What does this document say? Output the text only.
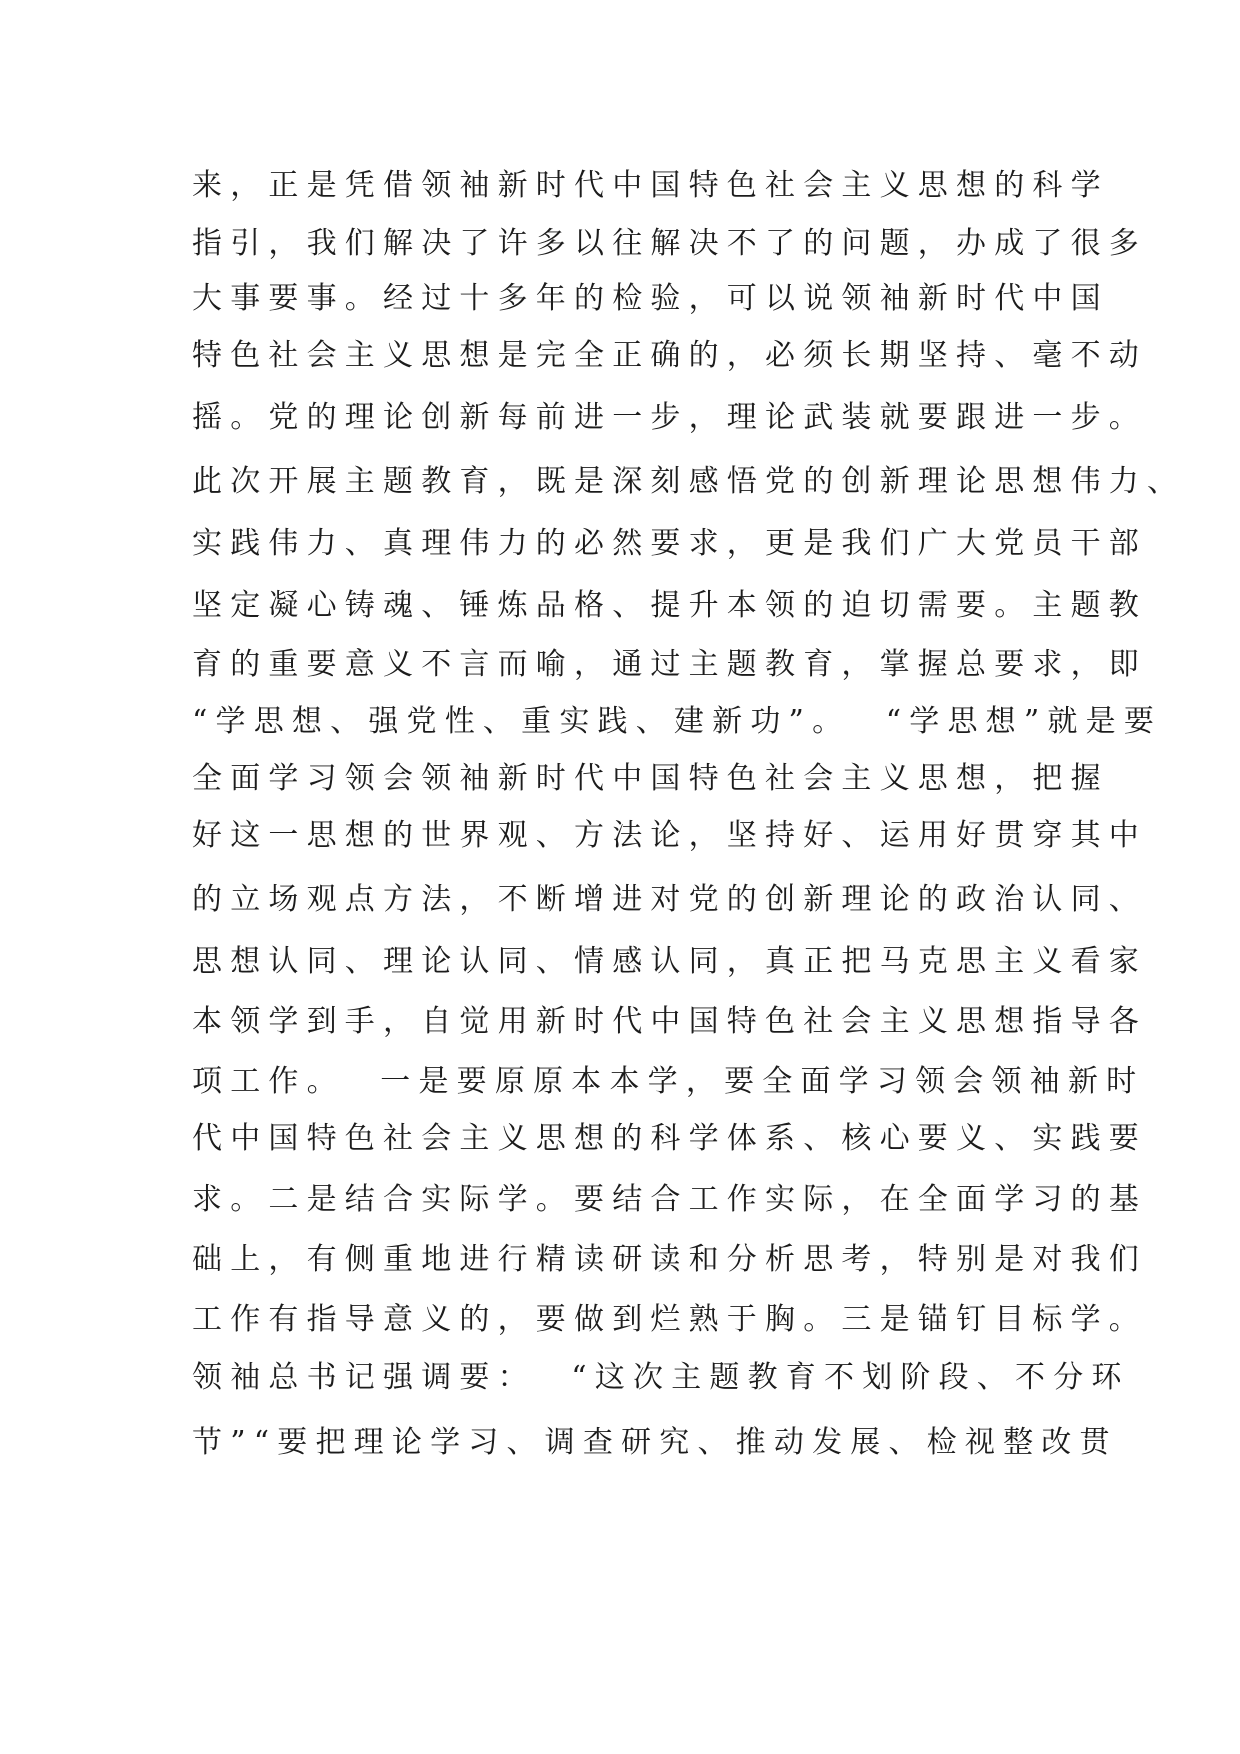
来，正是凭借领袖新时代中国特色社会主义思想的科学

指引，我们解决了许多以往解决不了的问题，办成了很多

大事要事。经过十多年的检验，可以说领袖新时代中国

特色社会主义思想是完全正确的，必须长期坚持、毫不动

摇。党的理论创新每前进一步，理论武装就要跟进一步。

此次开展主题教育，既是深刻感悟党的创新理论思想伟力、

实践伟力、真理伟力的必然要求，更是我们广大党员干部

坚定凝心铸魂、锤炼品格、提升本领的迫切需要。主题教

育的重要意义不言而喻，通过主题教育，掌握总要求，即

“学思想、强党性、重实践、建新功”。  “学思想”就是要

全面学习领会领袖新时代中国特色社会主义思想，把握

好这一思想的世界观、方法论，坚持好、运用好贯穿其中

的立场观点方法，不断增进对党的创新理论的政治认同、

思想认同、理论认同、情感认同，真正把马克思主义看家

本领学到手，自觉用新时代中国特色社会主义思想指导各

项工作。  一是要原原本本学，要全面学习领会领袖新时

代中国特色社会主义思想的科学体系、核心要义、实践要

求。二是结合实际学。要结合工作实际，在全面学习的基

础上，有侧重地进行精读研读和分析思考，特别是对我们

工作有指导意义的，要做到烂熟于胸。三是锚钉目标学。

领袖总书记强调要：  “这次主题教育不划阶段、不分环

节”“要把理论学习、调查研究、推动发展、检视整改贯
